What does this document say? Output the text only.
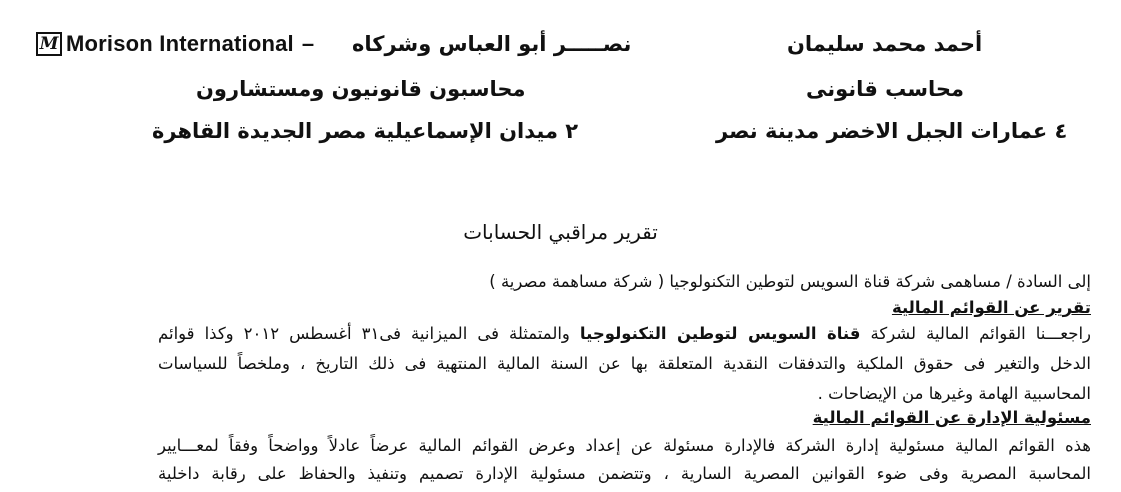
M Morison International – نصـــــر أبو العباس وشركاه
محاسبون قانونيون ومستشارون
٢ ميدان الإسماعيلية مصر الجديدة القاهرة
أحمد محمد سليمان
محاسب قانونى
٤ عمارات الجبل الاخضر مدينة نصر
تقرير مراقبي الحسابات
إلى السادة / مساهمى شركة قناة السويس لتوطين التكنولوجيا ( شركة مساهمة مصرية )
تقرير عن القوائم المالية
راجعـــنا القوائم المالية لشركة قناة السويس لتوطين التكنولوجيا والمتمثلة فى الميزانية فى٣١ أغسطس ٢٠١٢ وكذا قوائم
الدخل والتغير فى حقوق الملكية والتدفقات النقدية المتعلقة بها عن السنة المالية المنتهية فى ذلك التاريخ ، وملخصاً للسياسات
المحاسبية الهامة وغيرها من الإيضاحات .
مسئولية الإدارة عن القوائم المالية
هذه القوائم المالية مسئولية إدارة الشركة فالإدارة مسئولة عن إعداد وعرض القوائم المالية عرضاً عادلاً وواضحاً وفقاً لمعـــايير
المحاسبة المصرية وفى ضوء القوانين المصرية السارية ، وتتضمن مسئولية الإدارة تصميم وتنفيذ والحفاظ على رقابة داخلية
